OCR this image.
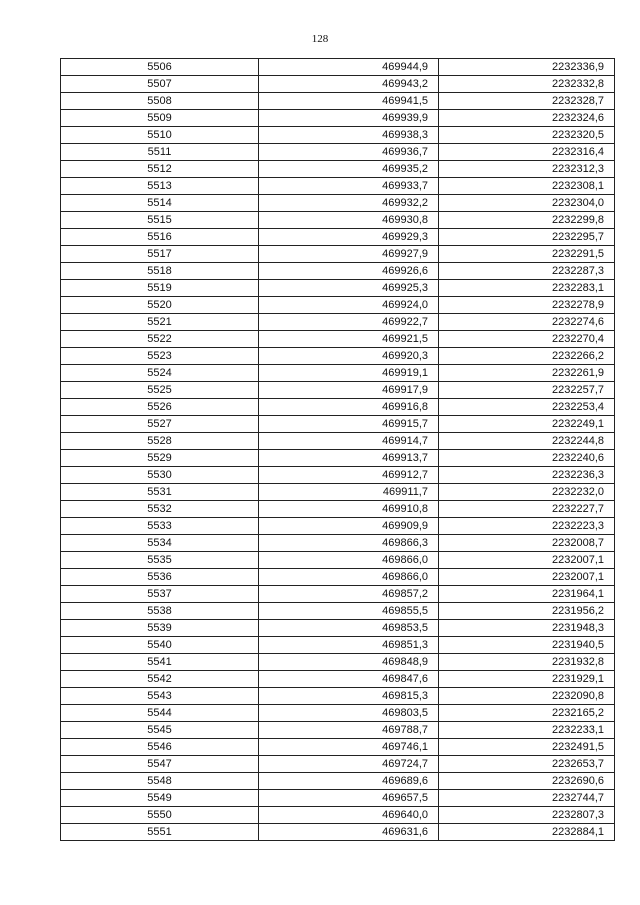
128
5506	469944,9	2232336,9
5507	469943,2	2232332,8
5508	469941,5	2232328,7
5509	469939,9	2232324,6
5510	469938,3	2232320,5
5511	469936,7	2232316,4
5512	469935,2	2232312,3
5513	469933,7	2232308,1
5514	469932,2	2232304,0
5515	469930,8	2232299,8
5516	469929,3	2232295,7
5517	469927,9	2232291,5
5518	469926,6	2232287,3
5519	469925,3	2232283,1
5520	469924,0	2232278,9
5521	469922,7	2232274,6
5522	469921,5	2232270,4
5523	469920,3	2232266,2
5524	469919,1	2232261,9
5525	469917,9	2232257,7
5526	469916,8	2232253,4
5527	469915,7	2232249,1
5528	469914,7	2232244,8
5529	469913,7	2232240,6
5530	469912,7	2232236,3
5531	469911,7	2232232,0
5532	469910,8	2232227,7
5533	469909,9	2232223,3
5534	469866,3	2232008,7
5535	469866,0	2232007,1
5536	469866,0	2232007,1
5537	469857,2	2231964,1
5538	469855,5	2231956,2
5539	469853,5	2231948,3
5540	469851,3	2231940,5
5541	469848,9	2231932,8
5542	469847,6	2231929,1
5543	469815,3	2232090,8
5544	469803,5	2232165,2
5545	469788,7	2232233,1
5546	469746,1	2232491,5
5547	469724,7	2232653,7
5548	469689,6	2232690,6
5549	469657,5	2232744,7
5550	469640,0	2232807,3
5551	469631,6	2232884,1
